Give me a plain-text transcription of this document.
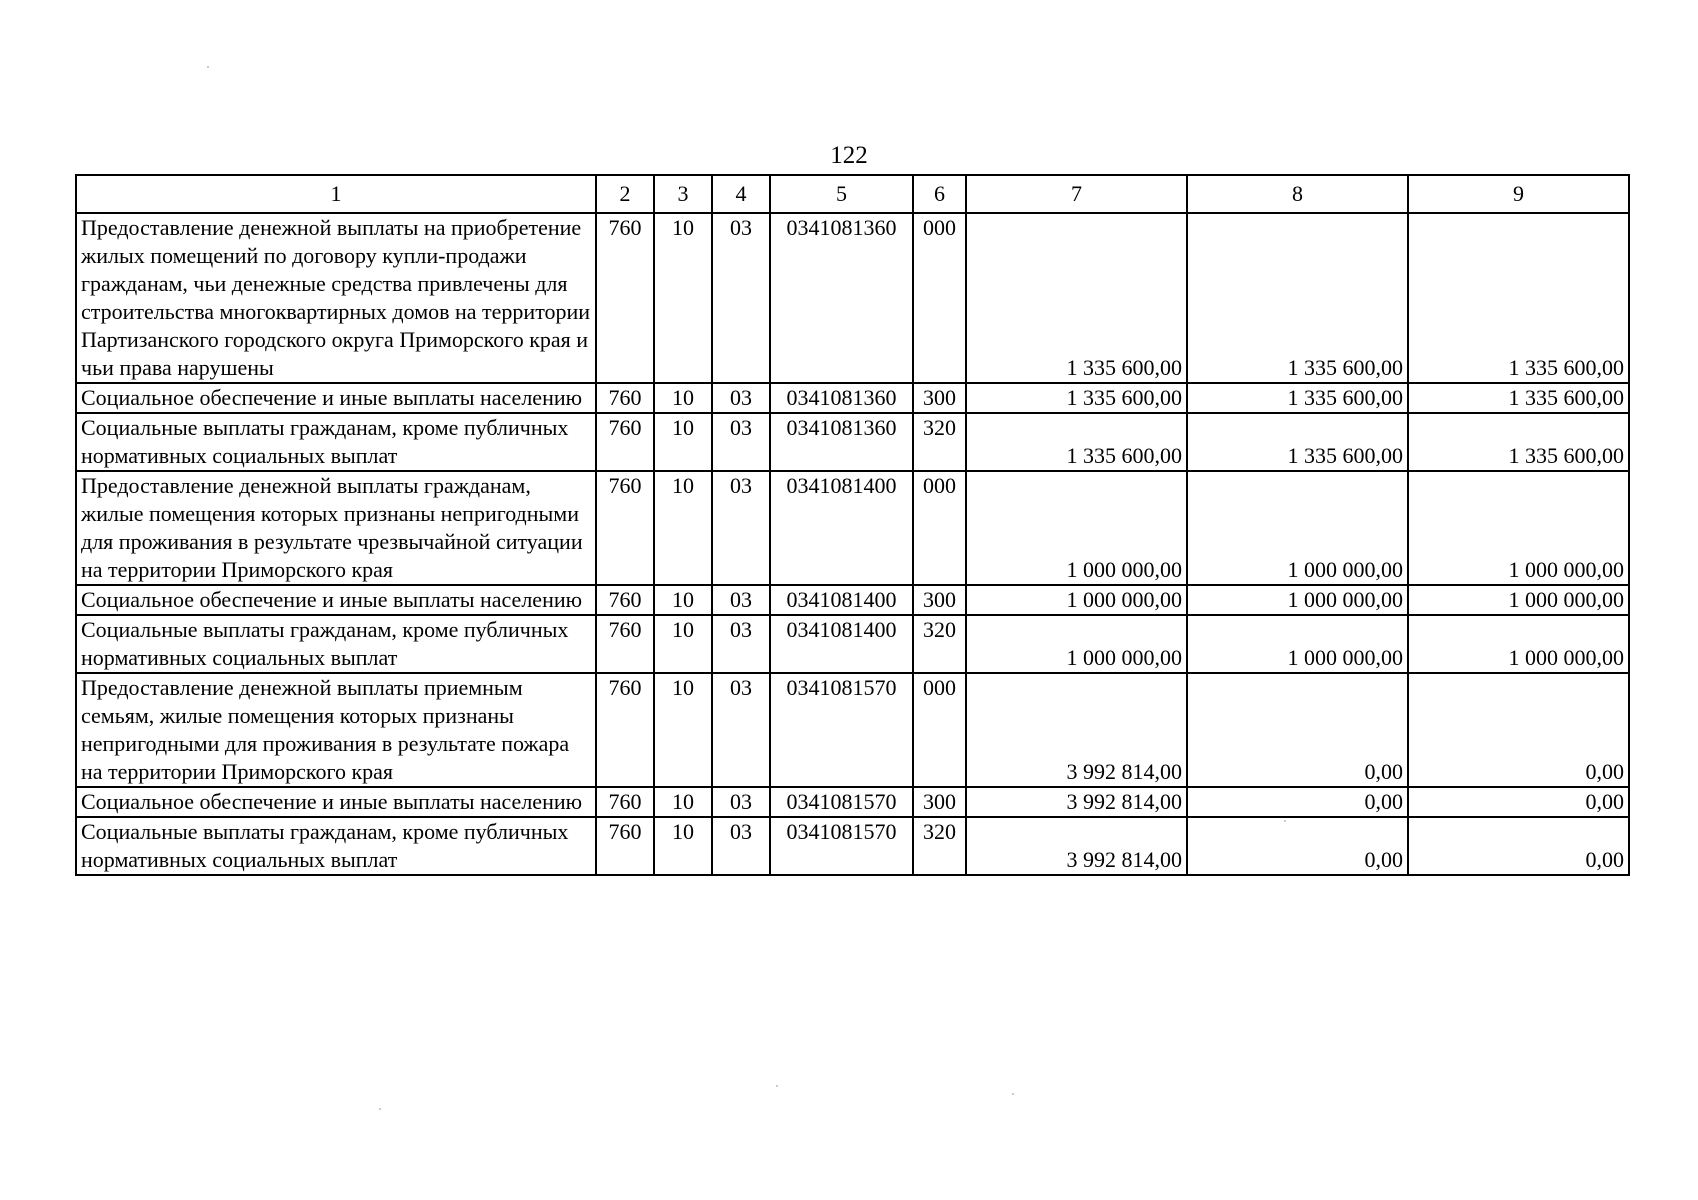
122
1	2	3	4	5	6	7	8	9
Предоставление денежной выплаты на приобретение жилых помещений по договору купли-продажи гражданам, чьи денежные средства привлечены для строительства многоквартирных домов на территории Партизанского городского округа Приморского края и чьи права нарушены	760	10	03	0341081360	000	1 335 600,00	1 335 600,00	1 335 600,00
Социальное обеспечение и иные выплаты населению	760	10	03	0341081360	300	1 335 600,00	1 335 600,00	1 335 600,00
Социальные выплаты гражданам, кроме публичных нормативных социальных выплат	760	10	03	0341081360	320	1 335 600,00	1 335 600,00	1 335 600,00
Предоставление денежной выплаты гражданам, жилые помещения которых признаны непригодными для проживания в результате чрезвычайной ситуации на территории Приморского края	760	10	03	0341081400	000	1 000 000,00	1 000 000,00	1 000 000,00
Социальное обеспечение и иные выплаты населению	760	10	03	0341081400	300	1 000 000,00	1 000 000,00	1 000 000,00
Социальные выплаты гражданам, кроме публичных нормативных социальных выплат	760	10	03	0341081400	320	1 000 000,00	1 000 000,00	1 000 000,00
Предоставление денежной выплаты приемным семьям, жилые помещения которых признаны непригодными для проживания в результате пожара на территории Приморского края	760	10	03	0341081570	000	3 992 814,00	0,00	0,00
Социальное обеспечение и иные выплаты населению	760	10	03	0341081570	300	3 992 814,00	0,00	0,00
Социальные выплаты гражданам, кроме публичных нормативных социальных выплат	760	10	03	0341081570	320	3 992 814,00	0,00	0,00
